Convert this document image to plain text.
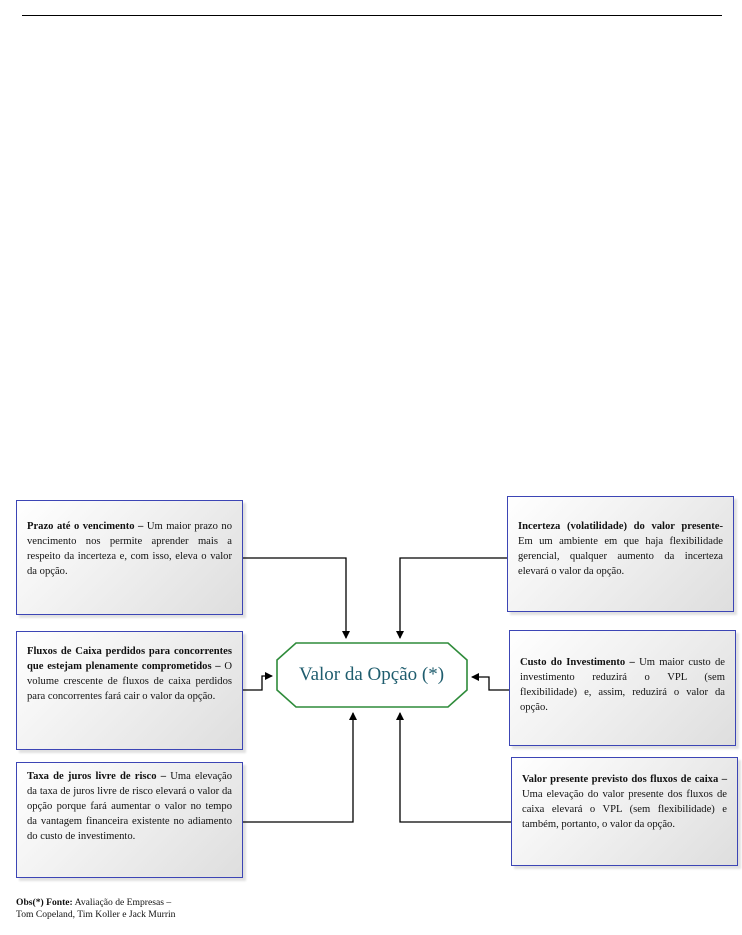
Valor da Opção (*)
Prazo até o vencimento – Um maior prazo no vencimento nos permite aprender mais a respeito da incerteza e, com isso, eleva o valor da opção.
Fluxos de Caixa perdidos para concorrentes que estejam plenamente comprometidos – O volume crescente de fluxos de caixa perdidos para concorrentes fará cair o valor da opção.
Taxa de juros livre de risco – Uma elevação da taxa de juros livre de risco elevará o valor da opção porque fará aumentar o valor no tempo da vantagem financeira existente no adiamento do custo de investimento.
Incerteza (volatilidade) do valor presente- Em um ambiente em que haja flexibilidade gerencial, qualquer aumento da incerteza elevará o valor da opção.
Custo do Investimento – Um maior custo de investimento reduzirá o VPL (sem flexibilidade) e, assim, reduzirá o valor da opção.
Valor presente previsto dos fluxos de caixa – Uma elevação do valor presente dos fluxos de caixa elevará o VPL (sem flexibilidade) e também, portanto, o valor da opção.
Obs(*) Fonte: Avaliação de Empresas –
Tom Copeland, Tim Koller e Jack Murrin
